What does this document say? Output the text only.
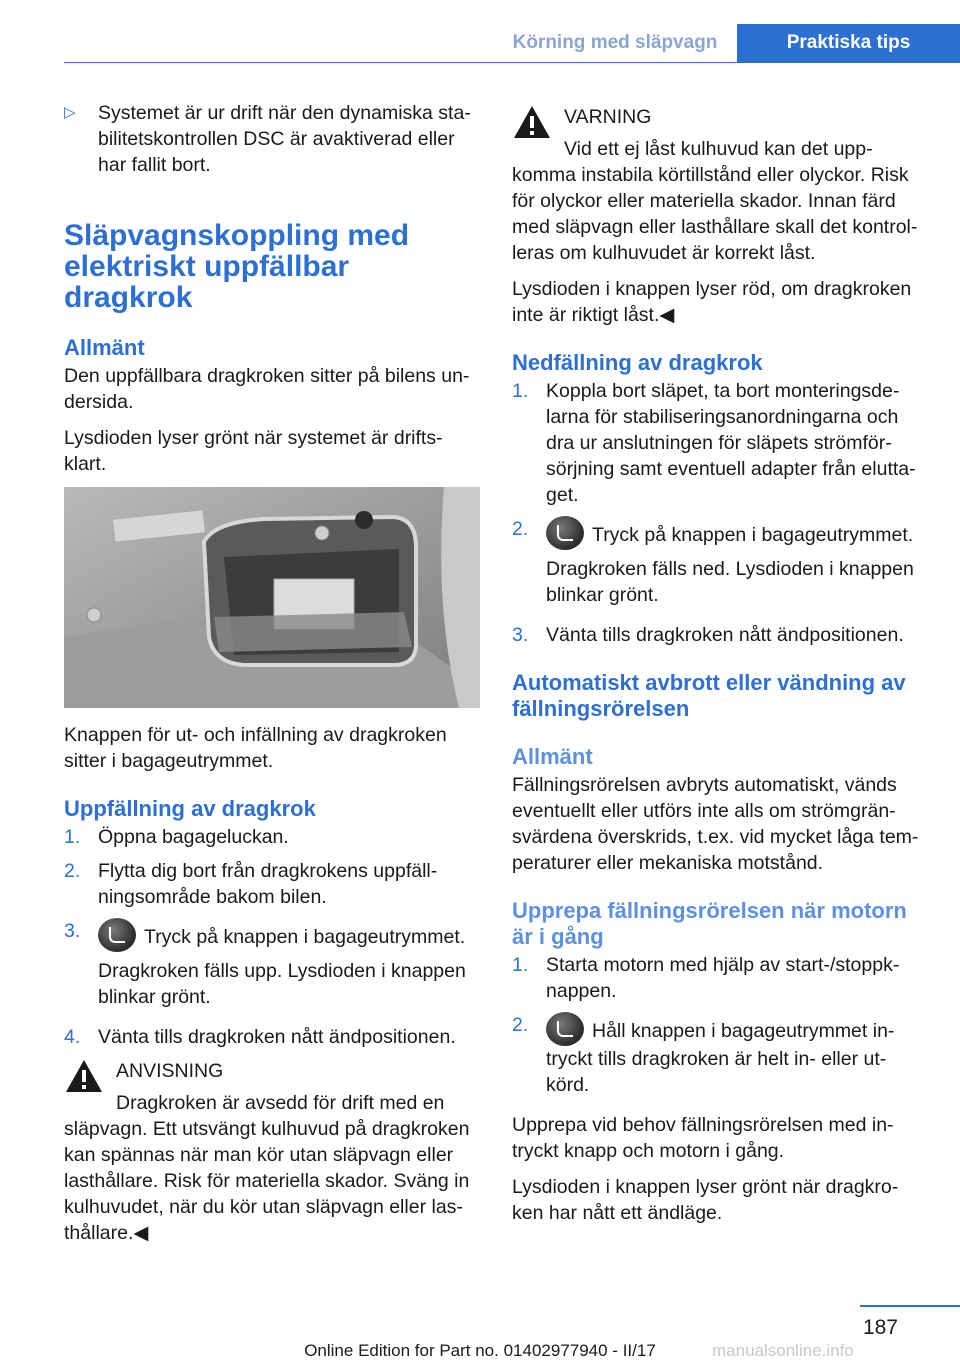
Körning med släpvagn	Praktiska tips
▷	Systemet är ur drift när den dynamiska sta‐bilitetskontrollen DSC är avaktiverad eller har fallit bort.
Släpvagnskoppling med elektriskt uppfällbar dragkrok
Allmänt

Den uppfällbara dragkroken sitter på bilens un‐dersida.

Lysdioden lyser grönt när systemet är drifts‐klart.

Knappen för ut- och infällning av dragkroken sitter i bagageutrymmet.

Uppfällning av dragkrok
1. Öppna bagageluckan.
2. Flytta dig bort från dragkrokens uppfäll‐ningsområde bakom bilen.
3.	Tryck på knappen i bagageutrymmet.

Dragkroken fälls upp. Lysdioden i knappen blinkar grönt.

4. Vänta tills dragkroken nått ändpositionen.
ANVISNING
Dragkroken är avsedd för drift med en
släpvagn. Ett utsvängt kulhuvud på dragkroken kan spännas när man kör utan släpvagn eller lasthållare. Risk för materiella skador. Sväng in kulhuvudet, när du kör utan släpvagn eller las‐thållare.◀
VARNING
Vid ett ej låst kulhuvud kan det upp‐
komma instabila körtillstånd eller olyckor. Risk för olyckor eller materiella skador. Innan färd med släpvagn eller lasthållare skall det kontrol‐leras om kulhuvudet är korrekt låst.

Lysdioden i knappen lyser röd, om dragkroken inte är riktigt låst.◀

Nedfällning av dragkrok
1. Koppla bort släpet, ta bort monteringsde‐larna för stabiliseringsanordningarna och dra ur anslutningen för släpets strömför‐sörjning samt eventuell adapter från elutta‐get.
2.	Tryck på knappen i bagageutrymmet.

Dragkroken fälls ned. Lysdioden i knappen blinkar grönt.

3. Vänta tills dragkroken nått ändpositionen.
Automatiskt avbrott eller vändning av fällningsrörelsen
Allmänt

Fällningsrörelsen avbryts automatiskt, vänds eventuellt eller utförs inte alls om strömgrän‐svärdena överskrids, t.ex. vid mycket låga tem‐peraturer eller mekaniska motstånd.

Upprepa fällningsrörelsen när motorn är i gång
1. Starta motorn med hjälp av start-/stoppk‐nappen.
2.	Håll knappen i bagageutrymmet in‐tryckt tills dragkroken är helt in- eller ut‐körd.

Upprepa vid behov fällningsrörelsen med in‐tryckt knapp och motorn i gång.

Lysdioden i knappen lyser grönt när dragkro‐ken har nått ett ändläge.

187
Online Edition for Part no. 01402977940 - II/17	manualsonline.info
